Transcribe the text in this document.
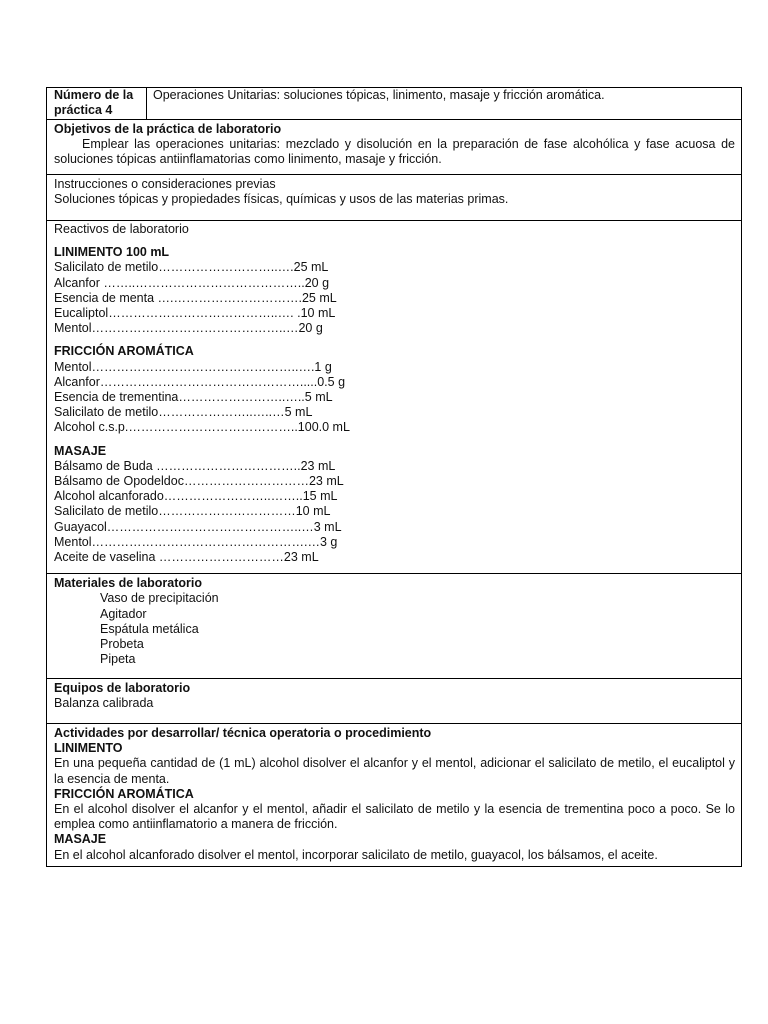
Número de la práctica 4
Operaciones Unitarias: soluciones tópicas, linimento, masaje y fricción aromática.
Objetivos de la práctica de laboratorio
Emplear las operaciones unitarias: mezclado y disolución en la preparación de fase alcohólica y fase acuosa de soluciones tópicas antiinflamatorias como linimento, masaje y fricción.
Instrucciones o consideraciones previas
Soluciones tópicas y propiedades físicas, químicas y usos de las materias primas.
Reactivos de laboratorio
LINIMENTO 100 mL
Salicilato de metilo………………………..….25 mL
Alcanfor ……..…………………………………..20 g
Esencia de menta ….………………………….25 mL
Eucaliptol…………………………………..…. .10 mL
Mentol………………………………………..…20 g
FRICCIÓN AROMÁTICA
Mentol…………………………………………..….1 g
Alcanfor………………………………………….....0.5 g
Esencia de trementina……………………..…..5 mL
Salicilato de metilo…………………..…..…5 mL
Alcohol c.s.p.…………………………………..100.0 mL
MASAJE
Bálsamo de Buda ……………………………..23 mL
Bálsamo de Opodeldoc…………………………23 mL
Alcohol alcanforado……………………..……..15 mL
Salicilato de metilo……………………………10 mL
Guayacol………………………………………..…3 mL
Mentol…………………………………………….…3 g
Aceite de vaselina …………………………23 mL
Materiales de laboratorio
Vaso de precipitación
Agitador
Espátula metálica
Probeta
Pipeta
Equipos de laboratorio
Balanza calibrada
Actividades por desarrollar/ técnica operatoria o procedimiento
LINIMENTO
En una pequeña cantidad de (1 mL) alcohol disolver el alcanfor y el mentol, adicionar el salicilato de metilo, el eucaliptol y la esencia de menta.
FRICCIÓN AROMÁTICA
En el alcohol disolver el alcanfor y el mentol, añadir el salicilato de metilo y la esencia de trementina poco a poco. Se lo emplea como antiinflamatorio a manera de fricción.
MASAJE
En el alcohol alcanforado disolver el mentol, incorporar salicilato de metilo, guayacol, los bálsamos, el aceite.
